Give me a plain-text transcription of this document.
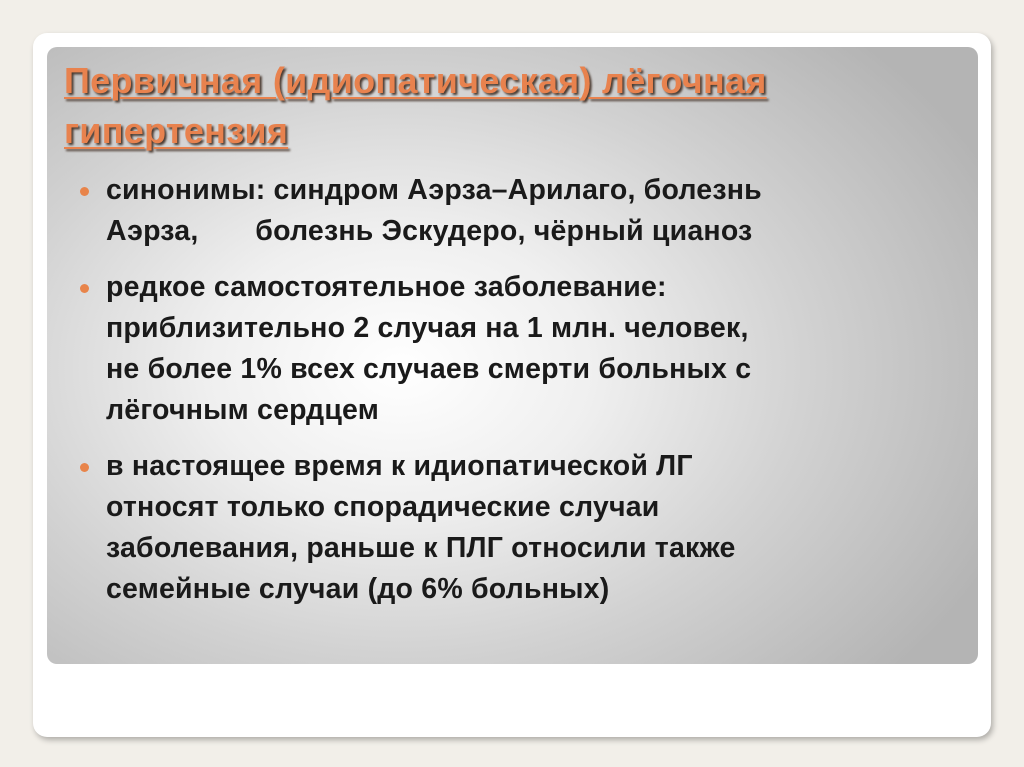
Первичная (идиопатическая) лёгочная гипертензия
синонимы: синдром Аэрза–Арилаго, болезнь
Аэрза,       болезнь Эскудеро, чёрный цианоз
редкое самостоятельное заболевание:
приблизительно 2 случая на 1 млн. человек,
не более 1% всех случаев смерти больных с
лёгочным сердцем
в настоящее время к идиопатической ЛГ
относят только спорадические случаи
заболевания, раньше к ПЛГ относили также
семейные случаи (до 6% больных)
